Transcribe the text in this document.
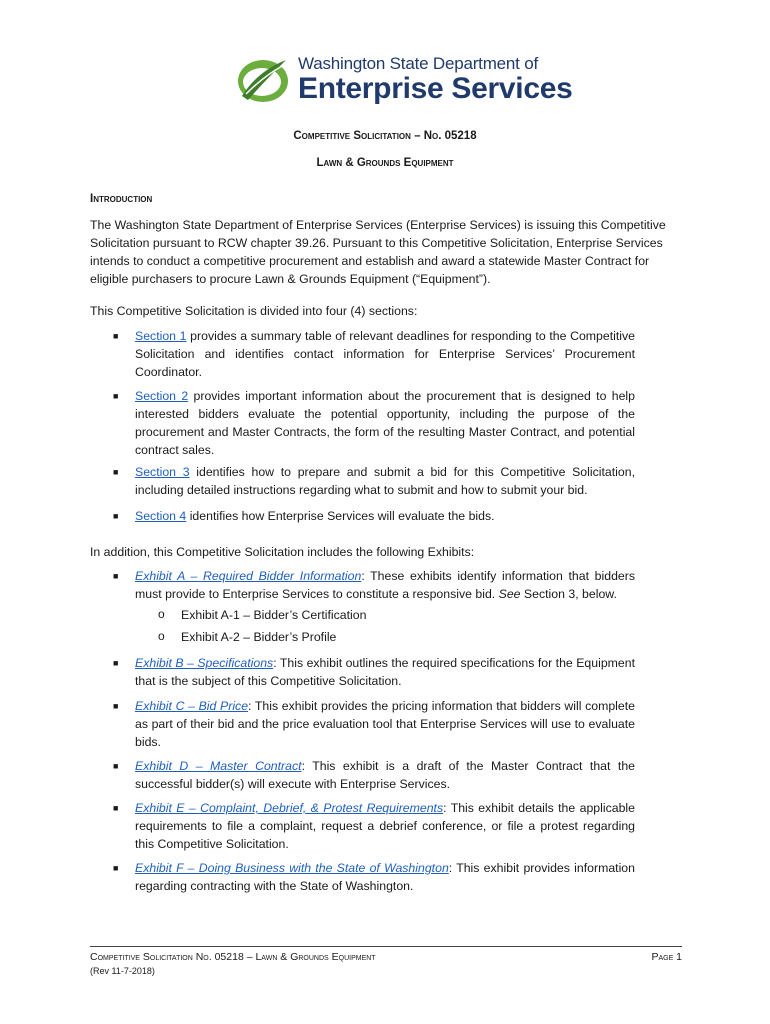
Washington State Department of
Enterprise Services
Competitive Solicitation – No. 05218
Lawn & Grounds Equipment
Introduction
The Washington State Department of Enterprise Services (Enterprise Services) is issuing this Competitive Solicitation pursuant to RCW chapter 39.26. Pursuant to this Competitive Solicitation, Enterprise Services intends to conduct a competitive procurement and establish and award a statewide Master Contract for eligible purchasers to procure Lawn & Grounds Equipment (“Equipment”).
This Competitive Solicitation is divided into four (4) sections:
■ Section 1 provides a summary table of relevant deadlines for responding to the Competitive Solicitation and identifies contact information for Enterprise Services’ Procurement Coordinator.
■ Section 2 provides important information about the procurement that is designed to help interested bidders evaluate the potential opportunity, including the purpose of the procurement and Master Contracts, the form of the resulting Master Contract, and potential contract sales.
■ Section 3 identifies how to prepare and submit a bid for this Competitive Solicitation, including detailed instructions regarding what to submit and how to submit your bid.
■ Section 4 identifies how Enterprise Services will evaluate the bids.
In addition, this Competitive Solicitation includes the following Exhibits:
■ Exhibit A – Required Bidder Information: These exhibits identify information that bidders must provide to Enterprise Services to constitute a responsive bid. See Section 3, below.
o Exhibit A-1 – Bidder’s Certification
o Exhibit A-2 – Bidder’s Profile
■ Exhibit B – Specifications: This exhibit outlines the required specifications for the Equipment that is the subject of this Competitive Solicitation.
■ Exhibit C – Bid Price: This exhibit provides the pricing information that bidders will complete as part of their bid and the price evaluation tool that Enterprise Services will use to evaluate bids.
■ Exhibit D – Master Contract: This exhibit is a draft of the Master Contract that the successful bidder(s) will execute with Enterprise Services.
■ Exhibit E – Complaint, Debrief, & Protest Requirements: This exhibit details the applicable requirements to file a complaint, request a debrief conference, or file a protest regarding this Competitive Solicitation.
■ Exhibit F – Doing Business with the State of Washington: This exhibit provides information regarding contracting with the State of Washington.
Competitive Solicitation No. 05218 – Lawn & Grounds Equipment	Page 1
(Rev 11-7-2018)
